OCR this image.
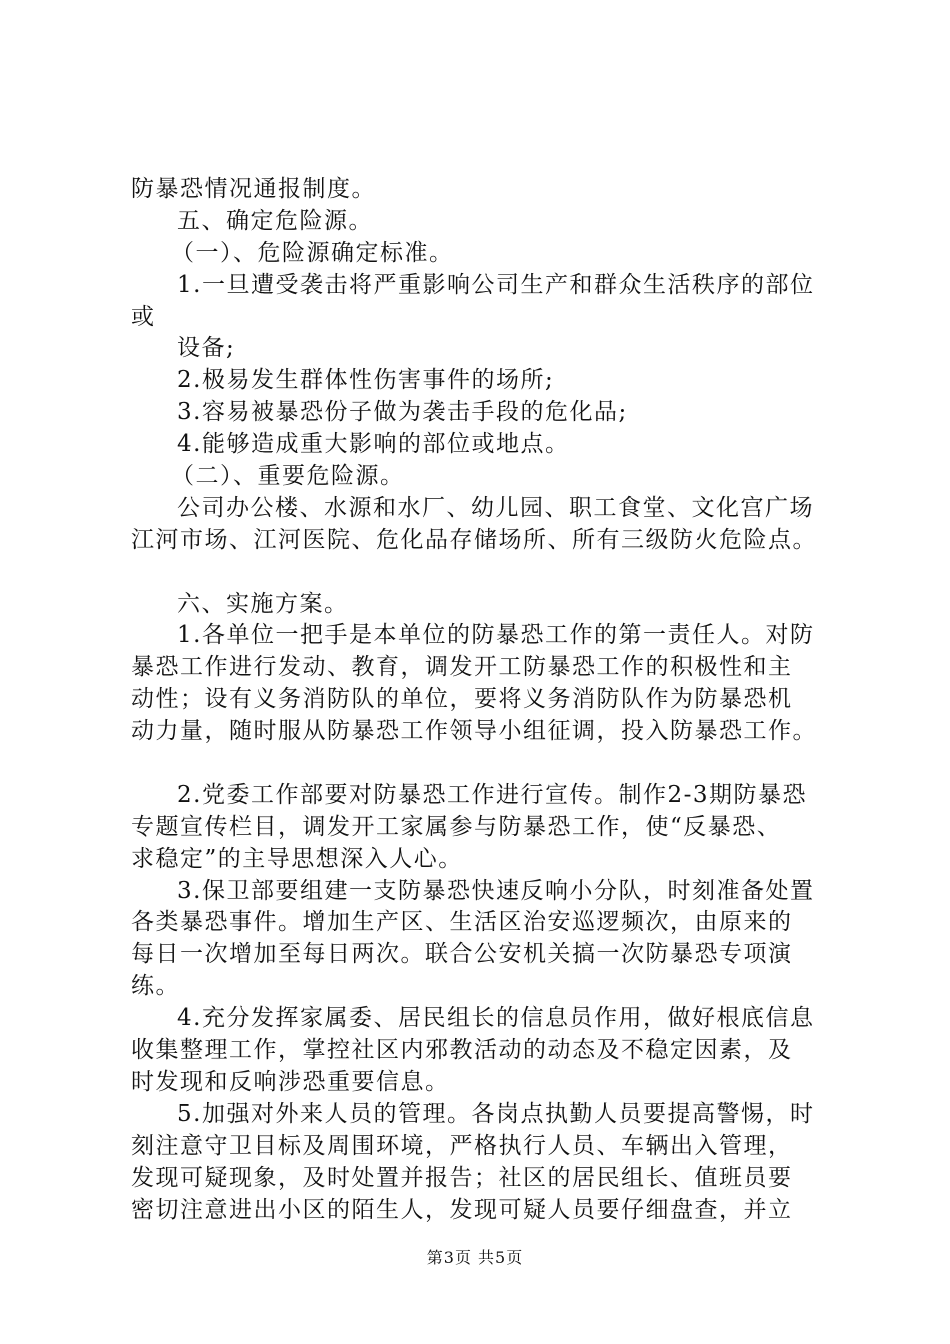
防暴恐情况通报制度。
五、确定危险源。
（一）、危险源确定标准。
1.一旦遭受袭击将严重影响公司生产和群众生活秩序的部位
或
设备;
2.极易发生群体性伤害事件的场所;
3.容易被暴恐份子做为袭击手段的危化品;
4.能够造成重大影响的部位或地点。
（二）、重要危险源。
公司办公楼、水源和水厂、幼儿园、职工食堂、文化宫广场
江河市场、江河医院、危化品存储场所、所有三级防火危险点。
六、实施方案。
1.各单位一把手是本单位的防暴恐工作的第一责任人。对防
暴恐工作进行发动、教育，调发开工防暴恐工作的积极性和主
动性；设有义务消防队的单位，要将义务消防队作为防暴恐机
动力量，随时服从防暴恐工作领导小组征调，投入防暴恐工作。
2.党委工作部要对防暴恐工作进行宣传。制作2-3期防暴恐
专题宣传栏目，调发开工家属参与防暴恐工作，使“反暴恐、
求稳定”的主导思想深入人心。
3.保卫部要组建一支防暴恐快速反响小分队，时刻准备处置
各类暴恐事件。增加生产区、生活区治安巡逻频次，由原来的
每日一次增加至每日两次。联合公安机关搞一次防暴恐专项演
练。
4.充分发挥家属委、居民组长的信息员作用，做好根底信息
收集整理工作，掌控社区内邪教活动的动态及不稳定因素，及
时发现和反响涉恐重要信息。
5.加强对外来人员的管理。各岗点执勤人员要提高警惕，时
刻注意守卫目标及周围环境，严格执行人员、车辆出入管理，
发现可疑现象，及时处置并报告；社区的居民组长、值班员要
密切注意进出小区的陌生人，发现可疑人员要仔细盘查，并立
第3页 共5页
